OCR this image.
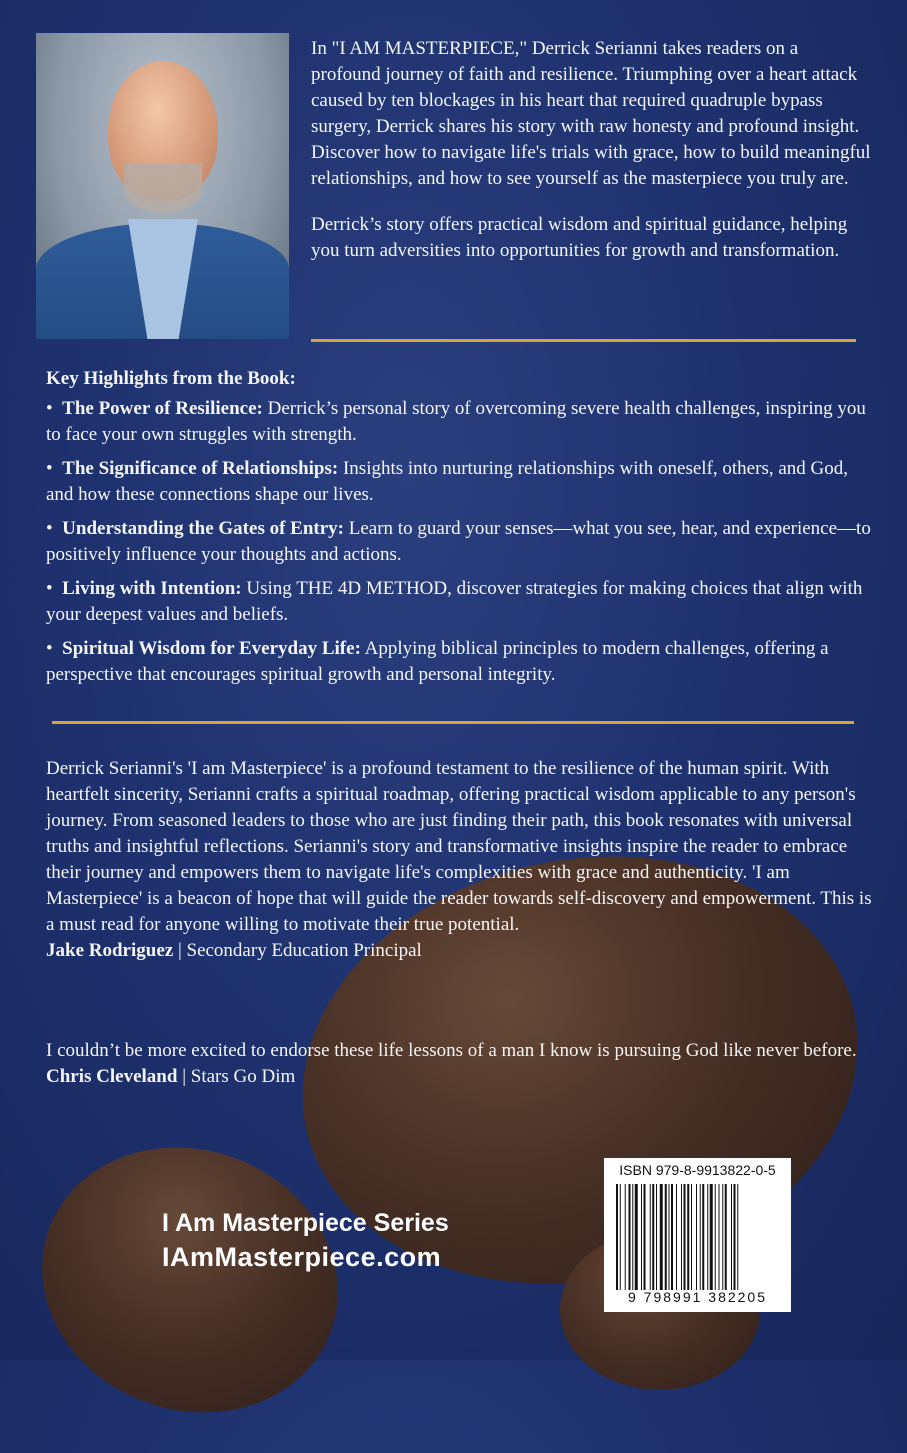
In "I AM MASTERPIECE," Derrick Serianni takes readers on a profound journey of faith and resilience. Triumphing over a heart attack caused by ten blockages in his heart that required quadruple bypass surgery, Derrick shares his story with raw honesty and profound insight. Discover how to navigate life's trials with grace, how to build meaningful relationships, and how to see yourself as the masterpiece you truly are.

Derrick’s story offers practical wisdom and spiritual guidance, helping you turn adversities into opportunities for growth and transformation.

Key Highlights from the Book:
•  The Power of Resilience: Derrick’s personal story of overcoming severe health challenges, inspiring you to face your own struggles with strength.
•  The Significance of Relationships: Insights into nurturing relationships with oneself, others, and God, and how these connections shape our lives.
•  Understanding the Gates of Entry: Learn to guard your senses—what you see, hear, and experience—to positively influence your thoughts and actions.
•  Living with Intention: Using THE 4D METHOD, discover strategies for making choices that align with your deepest values and beliefs.
•  Spiritual Wisdom for Everyday Life: Applying biblical principles to modern challenges, offering a perspective that encourages spiritual growth and personal integrity.

Derrick Serianni's 'I am Masterpiece' is a profound testament to the resilience of the human spirit. With heartfelt sincerity, Serianni crafts a spiritual roadmap, offering practical wisdom applicable to any person's journey. From seasoned leaders to those who are just finding their path, this book resonates with universal truths and insightful reflections. Serianni's story and transformative insights inspire the reader to embrace their journey and empowers them to navigate life's complexities with grace and authenticity. 'I am Masterpiece' is a beacon of hope that will guide the reader towards self-discovery and empowerment. This is a must read for anyone willing to motivate their true potential.

Jake Rodriguez | Secondary Education Principal

I couldn’t be more excited to endorse these life lessons of a man I know is pursuing God like never before.

Chris Cleveland | Stars Go Dim

I Am Masterpiece Series
IAmMasterpiece.com
ISBN 979-8-9913822-0-5
9 798991 382205
